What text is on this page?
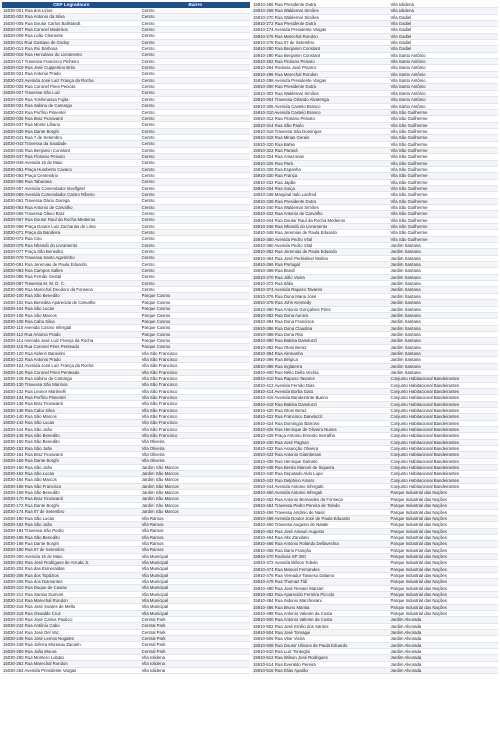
CEP Logradouro	Bairro
15030-001 Rua dos Lírios	Centro
15030-003 Rua Antonio da Silva	Centro
15030-005 Rua Doutor Carlos Ballstaedt	Centro
15030-007 Rua Coronel Medeiros	Centro
15030-009 Rua Leão Clemente	Centro
15030-011 Rua Gustavo de Godoy	Centro
15030-013 Rua Rui Barbosa	Centro
15030-015 Rua Herculano do Livramento	Centro
15030-017 Travessa Francisco Pinheiro	Centro
15030-019 Rua José Cuppertino Brito	Centro
15030-021 Rua Antonio Prado	Centro
15030-023 Avenida José Luiz França da Rocha	Centro
15030-025 Rua Coronel Pires Peixoto	Centro
15030-027 Travessa São Luiz	Centro
15030-029 Rua Yoshimassa Fujita	Centro
15030-031 Rua Sabino de Camargo	Centro
15030-033 Rua Porfírio Pimentel	Centro
15030-035 Rua Braz Fioravanti	Centro
15030-037 Rua Monte Líbano	Centro
15030-039 Rua Dante Borghi	Centro
15030-041 Rua 7 de Setembro	Centro
15030-043 Travessa da Saudade	Centro
15030-045 Rua Benjamin Constant	Centro
15030-047 Rua Floriano Peixoto	Centro
15030-049 Avenida 15 de Maio	Centro
15030-051 Praça Humberto Cavaco	Centro
15030-053 Praça Centenário	Centro
15030-055 Rua Tabarana	Centro
15030-057 Avenida Comendador Boelfgitel	Centro
15030-059 Avenida Comendador Castro Ribeiro	Centro
15030-061 Travessa Dácio Dorega	Centro
15030-063 Rua Antonio de Carvalho	Centro
15030-065 Travessa Olavo Braz	Centro
15030-067 Rua Doutor Raul da Rocha Medeiros	Centro
15030-069 Praça Doutor Luiz Zacharias de Lima	Centro
15030-071 Praça da Bandeira	Centro
15030-073 Rua Ciro	Centro
15030-075 Rua Nhandú do Livramento	Centro
15030-077 Praça São Benedito	Centro
15030-079 Travessa Santo Agostinho	Centro
15030-081 Rua Jeremias de Paula Eduardo	Centro
15030-083 Rua Campos Salles	Centro
15030-085 Rua Fernão Gestal	Centro
15030-087 Travessa M. M. D. C.	Centro
15030-089 Rua Marechal Deodoro da Fonseca	Centro
15030-100 Rua São Benedito	Parque Cosmo
15030-102 Rua Benedita Aparecida de Carvalho	Parque Cosmo
15030-104 Rua São Lucas	Parque Cosmo
15030-106 Rua São Marcos	Parque Cosmo
15030-108 Rua Cabo Silva	Parque Cosmo
15030-110 Avenida Cosmo Infergati	Parque Cosmo
15030-112 Rua Antonio Prado	Parque Cosmo
15030-114 Avenida José Luiz França da Rocha	Parque Cosmo
15030-116 Rua Coronel Pires Penteado	Parque Cosmo
15030-120 Rua Alderiri Banedini	Vila São Francisco
15030-122 Rua Antonio Prado	Vila São Francisco
15030-124 Avenida José Luiz França da Rocha	Vila São Francisco
15030-126 Rua Coronel Pires Penteado	Vila São Francisco
15030-128 Rua Sabino de Camargo	Vila São Francisco
15030-130 Travessa São Marinos	Vila São Francisco
15030-132 Rua Leonor Martinelli	Vila São Francisco
15030-134 Rua Porfírio Pimentel	Vila São Francisco
15030-136 Rua Braz Fioravanti	Vila São Francisco
15030-138 Rua Cabo Silva	Vila São Francisco
15030-140 Rua São Marcos	Vila São Francisco
15030-142 Rua São Lucas	Vila São Francisco
15030-144 Rua São João	Vila São Francisco
15030-146 Rua São Benedito	Vila São Francisco
15030-150 Rua São Benedito	Vila Oliveira
15030-152 Rua São João	Vila Oliveira
15030-154 Rua Braz Fioravanti	Vila Oliveira
15030-156 Rua Dante Borghi	Vila Oliveira
15030-160 Rua São João	Jardim São Marcos
15030-162 Rua São Lucas	Jardim São Marcos
15030-164 Rua São Marcos	Jardim São Marcos
15030-166 Rua São Francisco	Jardim São Marcos
15030-168 Rua São Benedito	Jardim São Marcos
15030-170 Rua Braz Fioravanti	Jardim São Marcos
15030-172 Rua Dante Borghi	Jardim São Marcos
15030-174 Rua 07 de Setembro	Jardim São Marcos
15030-180 Rua São Lucas	Vila Ramos
15030-182 Rua São João	Vila Ramos
15030-184 Travessa São Pedro	Vila Ramos
15030-186 Rua São Benedito	Vila Ramos
15030-188 Rua Dante Borghi	Vila Ramos
15030-190 Rua 07 de Setembro	Vila Ramos
15030-200 Avenida 15 de Maio	Vila Municipal
15030-202 Rua José Rodrigues de Arruda Jr.	Vila Municipal
15030-204 Rua das Esmeraldas	Vila Municipal
15030-206 Rua dos Topázios	Vila Municipal
15030-208 Rua dos Diamantes	Vila Municipal
15030-210 Rua Duque de Caxias	Vila Municipal
15030-212 Rua Santos Dumont	Vila Municipal
15030-214 Rua Marechal Rondon	Vila Municipal
15030-216 Rua José Soares de Mello	Vila Municipal
15030-218 Rua Oswaldo Cruz	Vila Municipal
15030-240 Rua José Carlos Paulicci	Central Park
15030-242 Rua Antônio Cabo	Central Park
15030-244 Rua José Del Vaz	Central Park
15030-246 Rua José Lemos Nogales	Central Park
15030-248 Rua Joferra Moreaux Zacarin	Central Park
15030-250 Rua João Moura	Central Park
15030-260 Rua Montero Lobato	Vila Iolidena
15030-262 Rua Marechal Rondon	Vila Iolidena
15030-264 Avenida Presidente Vargas	Vila Iolidena
15910-266 Rua Presidente Dutra	Vila Iolidena
15910-268 Rua Waldemar Simões	Vila Iolidena
15910-270 Rua Waldemar Simões	Vila Gadiel
15910-272 Rua Presidente Dutra	Vila Gadiel
15910-274 Avenida Presidente Vargas	Vila Gadiel
15910-276 Rua Marechal Rondon	Vila Gadiel
15910-278 Rua 07 de Setembro	Vila Gadiel
15910-280 Rua Benjamin Constant	Vila Gadiel
15910-290 Rua Benjamin Constant	Vila Santo Antônio
15910-292 Rua Floriano Peixoto	Vila Santo Antônio
15910-294 Rodovia José Prsarro	Vila Santo Antônio
15910-296 Rua Marechal Rondon	Vila Santo Antônio
15910-298 Avenida Presidente Vargas	Vila Santo Antônio
15910-300 Rua Presidente Dutra	Vila Santo Antônio
15910-302 Rua Waldemar Simões	Vila Santo Antônio
15910-304 Travessa Orlando Alvarenga	Vila Santo Antônio
15910-306 Avenida Castelo Branco	Vila Santo Antônio
15910-310 Avenida Castelo Branco	Vila São Guilherme
15910-312 Rua Floriano Peixoto	Vila São Guilherme
15910-314 Rua São Paulo	Vila São Guilherme
15910-316 Travessa São Domingos	Vila São Guilherme
15910-318 Rua Minas Gerais	Vila São Guilherme
15910-320 Rua Bahia	Vila São Guilherme
15910-322 Rua Paraná	Vila São Guilherme
15910-324 Rua Amazonas	Vila São Guilherme
15910-326 Rua Pará	Vila São Guilherme
15910-328 Rua Espanha	Vila São Guilherme
15910-330 Rua França	Vila São Guilherme
15910-332 Rua Japão	Vila São Guilherme
15910-334 Rua Suíça	Vila São Guilherme
15910-336 Marginal Italo Lanfred	Vila São Guilherme
15910-338 Rua Presidente Dutra	Vila São Guilherme
15910-340 Rua Waldemar Simões	Vila São Guilherme
15910-342 Rua Antonio de Carvalho	Vila São Guilherme
15910-344 Rua Doutor Raul da Rocha Medeiros	Vila São Guilherme
15910-346 Rua Nhandú do Livramento	Vila São Guilherme
15910-348 Rua Jeremias de Paula Eduardo	Vila São Guilherme
15910-350 Avenida Pedro Vital	Vila São Guilherme
15910-360 Avenida Pedro Vital	Jardim Santana
15910-362 Rua Jeremias de Paula Eduardo	Jardim Santana
15910-364 Rua José Pedrialisei Molina	Jardim Santana
15910-366 Rua Portugal	Jardim Santana
15910-368 Rua Brasil	Jardim Santana
15910-370 Rua Júlio Vieira	Jardim Santana
15910-372 Rua Itália	Jardim Santana
15910-374 Avenida Raposo Tavares	Jardim Santana
15910-376 Rua Dona Maria José	Jardim Santana
15910-378 Rua John Kennedy	Jardim Santana
15910-380 Rua Antonio Gonçalves Pires	Jardim Santana
15910-382 Rua Dona Aurora	Jardim Santana
15910-384 Rua Dona Francisca	Jardim Santana
15910-386 Rua Dona Claudina	Jardim Santana
15910-388 Rua Dona Rita	Jardim Santana
15910-390 Rua Batista Daneluzzi	Jardim Santana
15910-392 Rua Otoni Beraz	Jardim Santana
15910-394 Rua Alemanha	Jardim Santana
15910-396 Rua Bélgica	Jardim Santana
15910-398 Rua Inglaterra	Jardim Santana
15910-400 Rua Nélio Della Vechia	Jardim Santana
15910-410 Rua Raposo Tavares	Conjunto Habitacional Bandeirantes
15910-412 Avenida Fernão Dias	Conjunto Habitacional Bandeirantes
15910-414 Avenida Borba Gato	Conjunto Habitacional Bandeirantes
15910-416 Avenida Bandeirante Bueno	Conjunto Habitacional Bandeirantes
15910-418 Rua Batista Daneluzzi	Conjunto Habitacional Bandeirantes
15910-420 Rua Otoni Beraz	Conjunto Habitacional Bandeirantes
15910-422 Rua Francisco Daneluzzi	Conjunto Habitacional Bandeirantes
15910-424 Rua Domingos Barroso	Conjunto Habitacional Bandeirantes
15910-426 Rua Henrique de Oliveira Nunes	Conjunto Habitacional Bandeirantes
15910-428 Praça Antonio Ernesto Serralha	Conjunto Habitacional Bandeirantes
15910-430 Rua José Pagnan	Conjunto Habitacional Bandeirantes
15910-432 Rua Assunção Oliveira	Conjunto Habitacional Bandeirantes
15910-434 Rua Antonio Giambesan	Conjunto Habitacional Bandeirantes
15910-436 Rua Henrique Damato	Conjunto Habitacional Bandeirantes
15910-438 Rua Benito Manoel de Siqueira	Conjunto Habitacional Bandeirantes
15910-440 Rua Deputado Aldo Lupo	Conjunto Habitacional Bandeirantes
15910-442 Rua Delphino Amaro	Conjunto Habitacional Bandeirantes
15910-444 Avenida Antonio Infergatti	Conjunto Habitacional Bandeirantes
15910-450 Avenida Antonio Infergati	Parque Industrial das Nações
15910-452 Rua Antonio Bernardes da Fonseca	Parque Industrial das Nações
15910-454 Travessa Pedro Pereira de Toledo	Parque Industrial das Nações
15910-456 Travessa Antônio de Nasir	Parque Industrial das Nações
15910-458 Avenida Doutor José de Paula Eduardo	Parque Industrial das Nações
15910-460 Travessa Augusto de Natale	Parque Industrial das Nações
15910-462 Rua José Amauri Augusto	Parque Industrial das Nações
15910-464 Rua Alte Zanolato	Parque Industrial das Nações
15910-466 Rua Antonio Rolando Dellavechia	Parque Industrial das Nações
15910-468 Rua Dario Franção	Parque Industrial das Nações
15910-470 Rodovia SP 300	Parque Industrial das Nações
15910-472 Avenida Wilson Toledo	Parque Industrial das Nações
15910-474 Rua Manoel Fernandes	Parque Industrial das Nações
15910-476 Rua Vereador Tasseso Dalamo	Parque Industrial das Nações
15910-478 Rua Thomaz Tidi	Parque Industrial das Nações
15910-480 Rua José Renato Marsari	Parque Industrial das Nações
15910-482 Rua Aparecido Ferreira Piccolo	Parque Industrial das Nações
15910-484 Rua Sidonio Marchesani	Parque Industrial das Nações
15910-486 Rua Bruno Mantia	Parque Industrial das Nações
15910-488 Rua Antonio Valente da Costa	Parque Industrial das Nações
15910-500 Rua Antonio Valente da Costa	Jardim Alvorada
15910-502 Rua José Emilio dos Santos	Jardim Alvorada
15910-504 Rua José Tomagui	Jardim Alvorada
15910-506 Rua Vitor Vieira	Jardim Alvorada
15910-508 Rua Doutor Ulisses de Paula Eduardo	Jardim Alvorada
15910-510 Rua Luiz Tontegini	Jardim Alvorada
15910-512 Rua Wilson José Rodrigues	Jardim Alvorada
15910-514 Rua Everaldo Pereira	Jardim Alvorada
15910-516 Rua Elias Aparão	Jardim Alvorada
